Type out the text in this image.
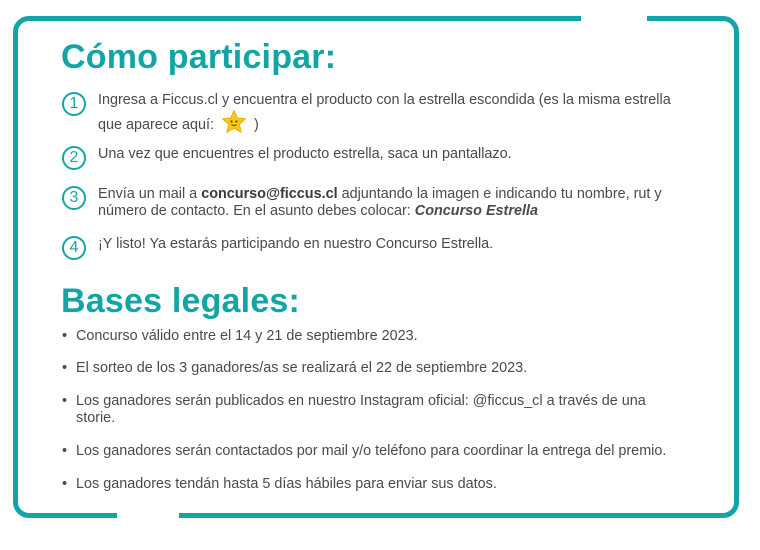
Cómo participar:
1	Ingresa a Ficcus.cl y encuentra el producto con la estrella escondida (es la misma estrella que aparece aquí:	)
2	Una vez que encuentres el producto estrella, saca un pantallazo.
3	Envía un mail a concurso@ficcus.cl adjuntando la imagen e indicando tu nombre, rut y número de contacto. En el asunto debes colocar: Concurso Estrella
4	¡Y listo! Ya estarás participando en nuestro Concurso Estrella.
Bases legales:
• Concurso válido entre el 14 y 21 de septiembre 2023.
• El sorteo de los 3 ganadores/as se realizará el 22 de septiembre 2023.
• Los ganadores serán publicados en nuestro Instagram oficial: @ficcus_cl a través de una storie.
• Los ganadores serán contactados por mail y/o teléfono para coordinar la entrega del premio.
• Los ganadores tendán hasta 5 días hábiles para enviar sus datos.
